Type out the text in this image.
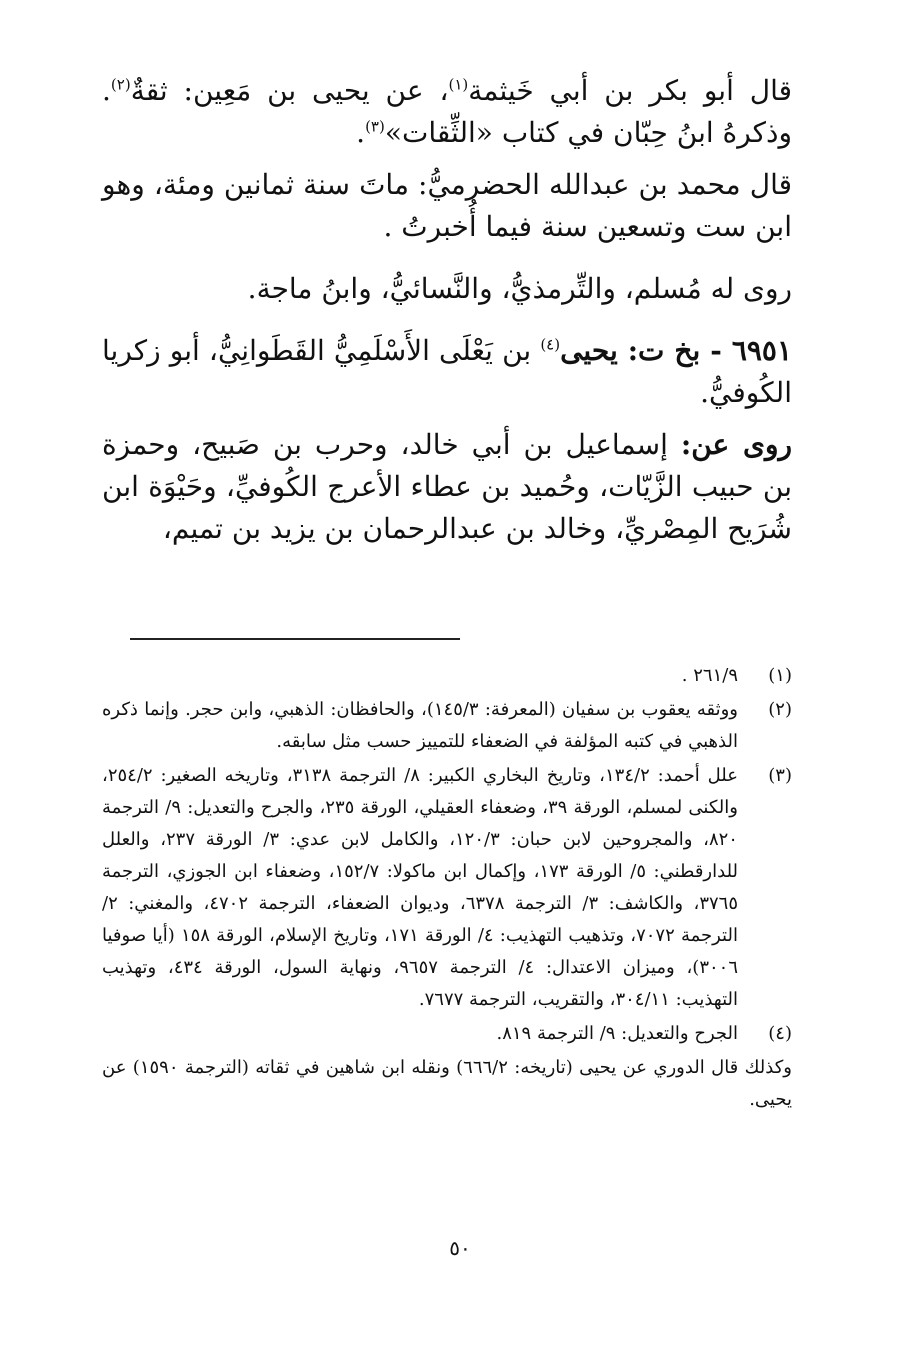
قال أبو بكر بن أبي خَيثمة$^{(١)}$، عن يحيى بن مَعِين: ثقةٌ$^{(٢)}$. وذكرهُ ابنُ حِبّان في كتاب «الثِّقات»$^{(٣)}$.

قال محمد بن عبدالله الحضرميُّ: ماتَ سنة ثمانين ومئة، وهو ابن ست وتسعين سنة فيما أُخبرتُ .

روى له مُسلم، والتِّرمذيُّ، والنَّسائيُّ، وابنُ ماجة.

٦٩٥١ - بخ ت: يحيى$^{(٤)}$ بن يَعْلَى الأَسْلَمِيُّ القَطَوانِيُّ، أبو زكريا الكُوفيُّ.

روى عن: إسماعيل بن أبي خالد، وحرب بن صَبيح، وحمزة بن حبيب الزَّيّات، وحُميد بن عطاء الأعرج الكُوفيِّ، وحَيْوَة ابن شُرَيح المِصْريِّ، وخالد بن عبدالرحمان بن يزيد بن تميم،

(١)
٢٦١/٩ .
(٢)
ووثقه يعقوب بن سفيان (المعرفة: ١٤٥/٣)، والحافظان: الذهبي، وابن حجر. وإنما ذكره الذهبي في كتبه المؤلفة في الضعفاء للتمييز حسب مثل سابقه.
(٣)
علل أحمد: ١٣٤/٢، وتاريخ البخاري الكبير: ٨/ الترجمة ٣١٣٨، وتاريخه الصغير: ٢٥٤/٢، والكنى لمسلم، الورقة ٣٩، وضعفاء العقيلي، الورقة ٢٣٥، والجرح والتعديل: ٩/ الترجمة ٨٢٠، والمجروحين لابن حبان: ١٢٠/٣، والكامل لابن عدي: ٣/ الورقة ٢٣٧، والعلل للدارقطني: ٥/ الورقة ١٧٣، وإكمال ابن ماكولا: ١٥٢/٧، وضعفاء ابن الجوزي، الترجمة ٣٧٦٥، والكاشف: ٣/ الترجمة ٦٣٧٨، وديوان الضعفاء، الترجمة ٤٧٠٢، والمغني: ٢/ الترجمة ٧٠٧٢، وتذهيب التهذيب: ٤/ الورقة ١٧١، وتاريخ الإسلام، الورقة ١٥٨ (أيا صوفيا ٣٠٠٦)، وميزان الاعتدال: ٤/ الترجمة ٩٦٥٧، ونهاية السول، الورقة ٤٣٤، وتهذيب التهذيب: ٣٠٤/١١، والتقريب، الترجمة ٧٦٧٧.
(٤)
الجرح والتعديل: ٩/ الترجمة ٨١٩.

وكذلك قال الدوري عن يحيى (تاريخه: ٦٦٦/٢) ونقله ابن شاهين في ثقاته (الترجمة ١٥٩٠) عن يحيى.

٥٠
